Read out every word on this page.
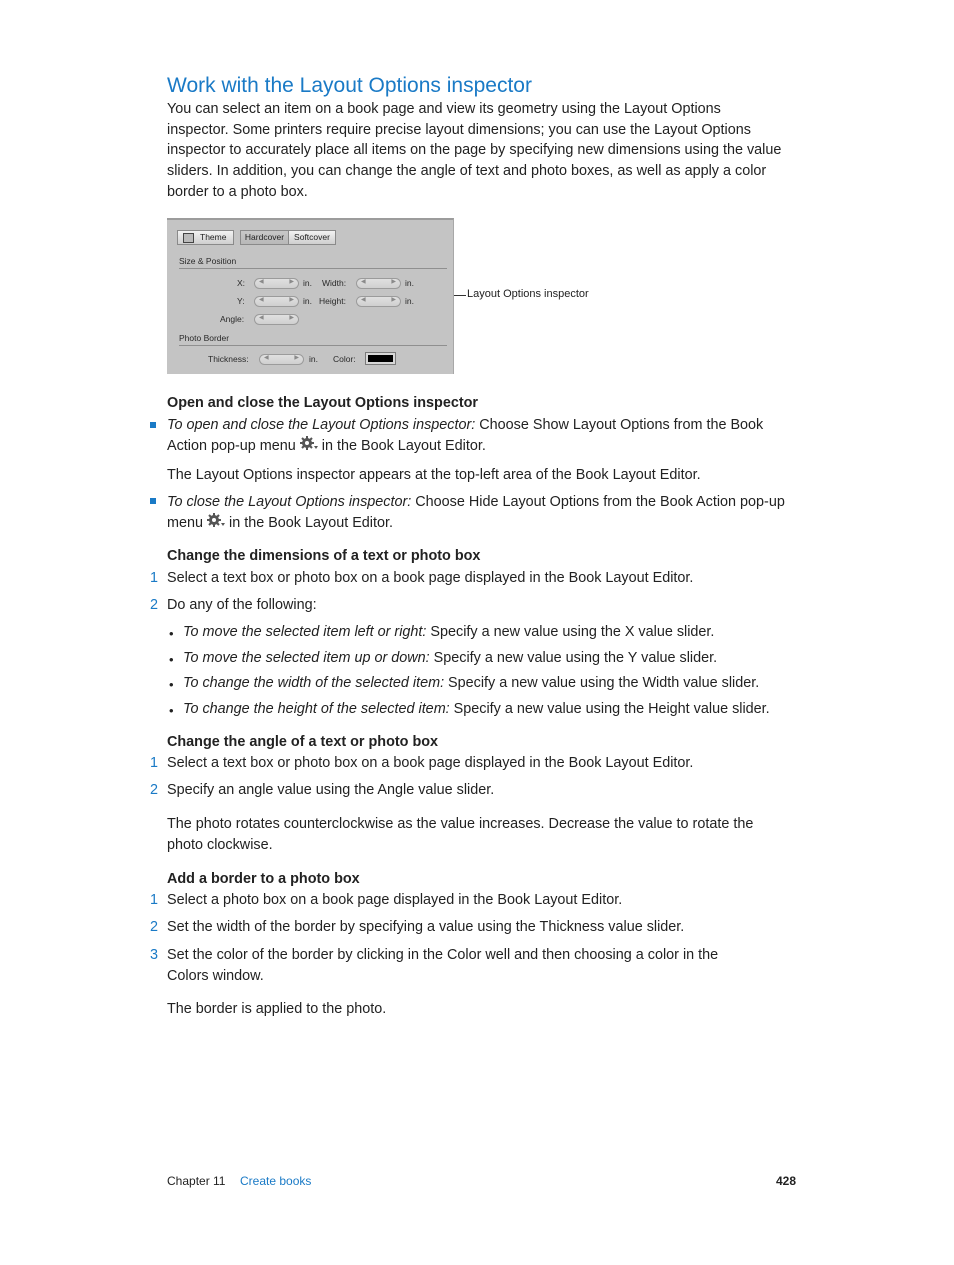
Work with the Layout Options inspector
You can select an item on a book page and view its geometry using the Layout Options
inspector. Some printers require precise layout dimensions; you can use the Layout Options
inspector to accurately place all items on the page by specifying new dimensions using the value
sliders. In addition, you can change the angle of text and photo boxes, as well as apply a color
border to a photo box.
Theme	Hardcover	Softcover
Size & Position
X: ◀	▶ in. Width: ◀	▶ in.
Y: ◀	▶ in. Height:	◀	▶ in.
Angle: ◀	▶
Photo Border
Thickness:	◀	▶ in. Color:
Layout Options inspector
Open and close the Layout Options inspector
To open and close the Layout Options inspector: Choose Show Layout Options from the Book
Action pop-up menu  in the Book Layout Editor.
The Layout Options inspector appears at the top-left area of the Book Layout Editor.
To close the Layout Options inspector: Choose Hide Layout Options from the Book Action pop-up
menu  in the Book Layout Editor.
Change the dimensions of a text or photo box
1 Select a text box or photo box on a book page displayed in the Book Layout Editor.
2 Do any of the following:
• To move the selected item left or right: Specify a new value using the X value slider.
• To move the selected item up or down: Specify a new value using the Y value slider.
• To change the width of the selected item: Specify a new value using the Width value slider.
• To change the height of the selected item: Specify a new value using the Height value slider.
Change the angle of a text or photo box
1 Select a text box or photo box on a book page displayed in the Book Layout Editor.
2 Specify an angle value using the Angle value slider.
The photo rotates counterclockwise as the value increases. Decrease the value to rotate the
photo clockwise.
Add a border to a photo box
1 Select a photo box on a book page displayed in the Book Layout Editor.
2 Set the width of the border by specifying a value using the Thickness value slider.
3 Set the color of the border by clicking in the Color well and then choosing a color in the
Colors window.
The border is applied to the photo.
Chapter 11 Create books	428
